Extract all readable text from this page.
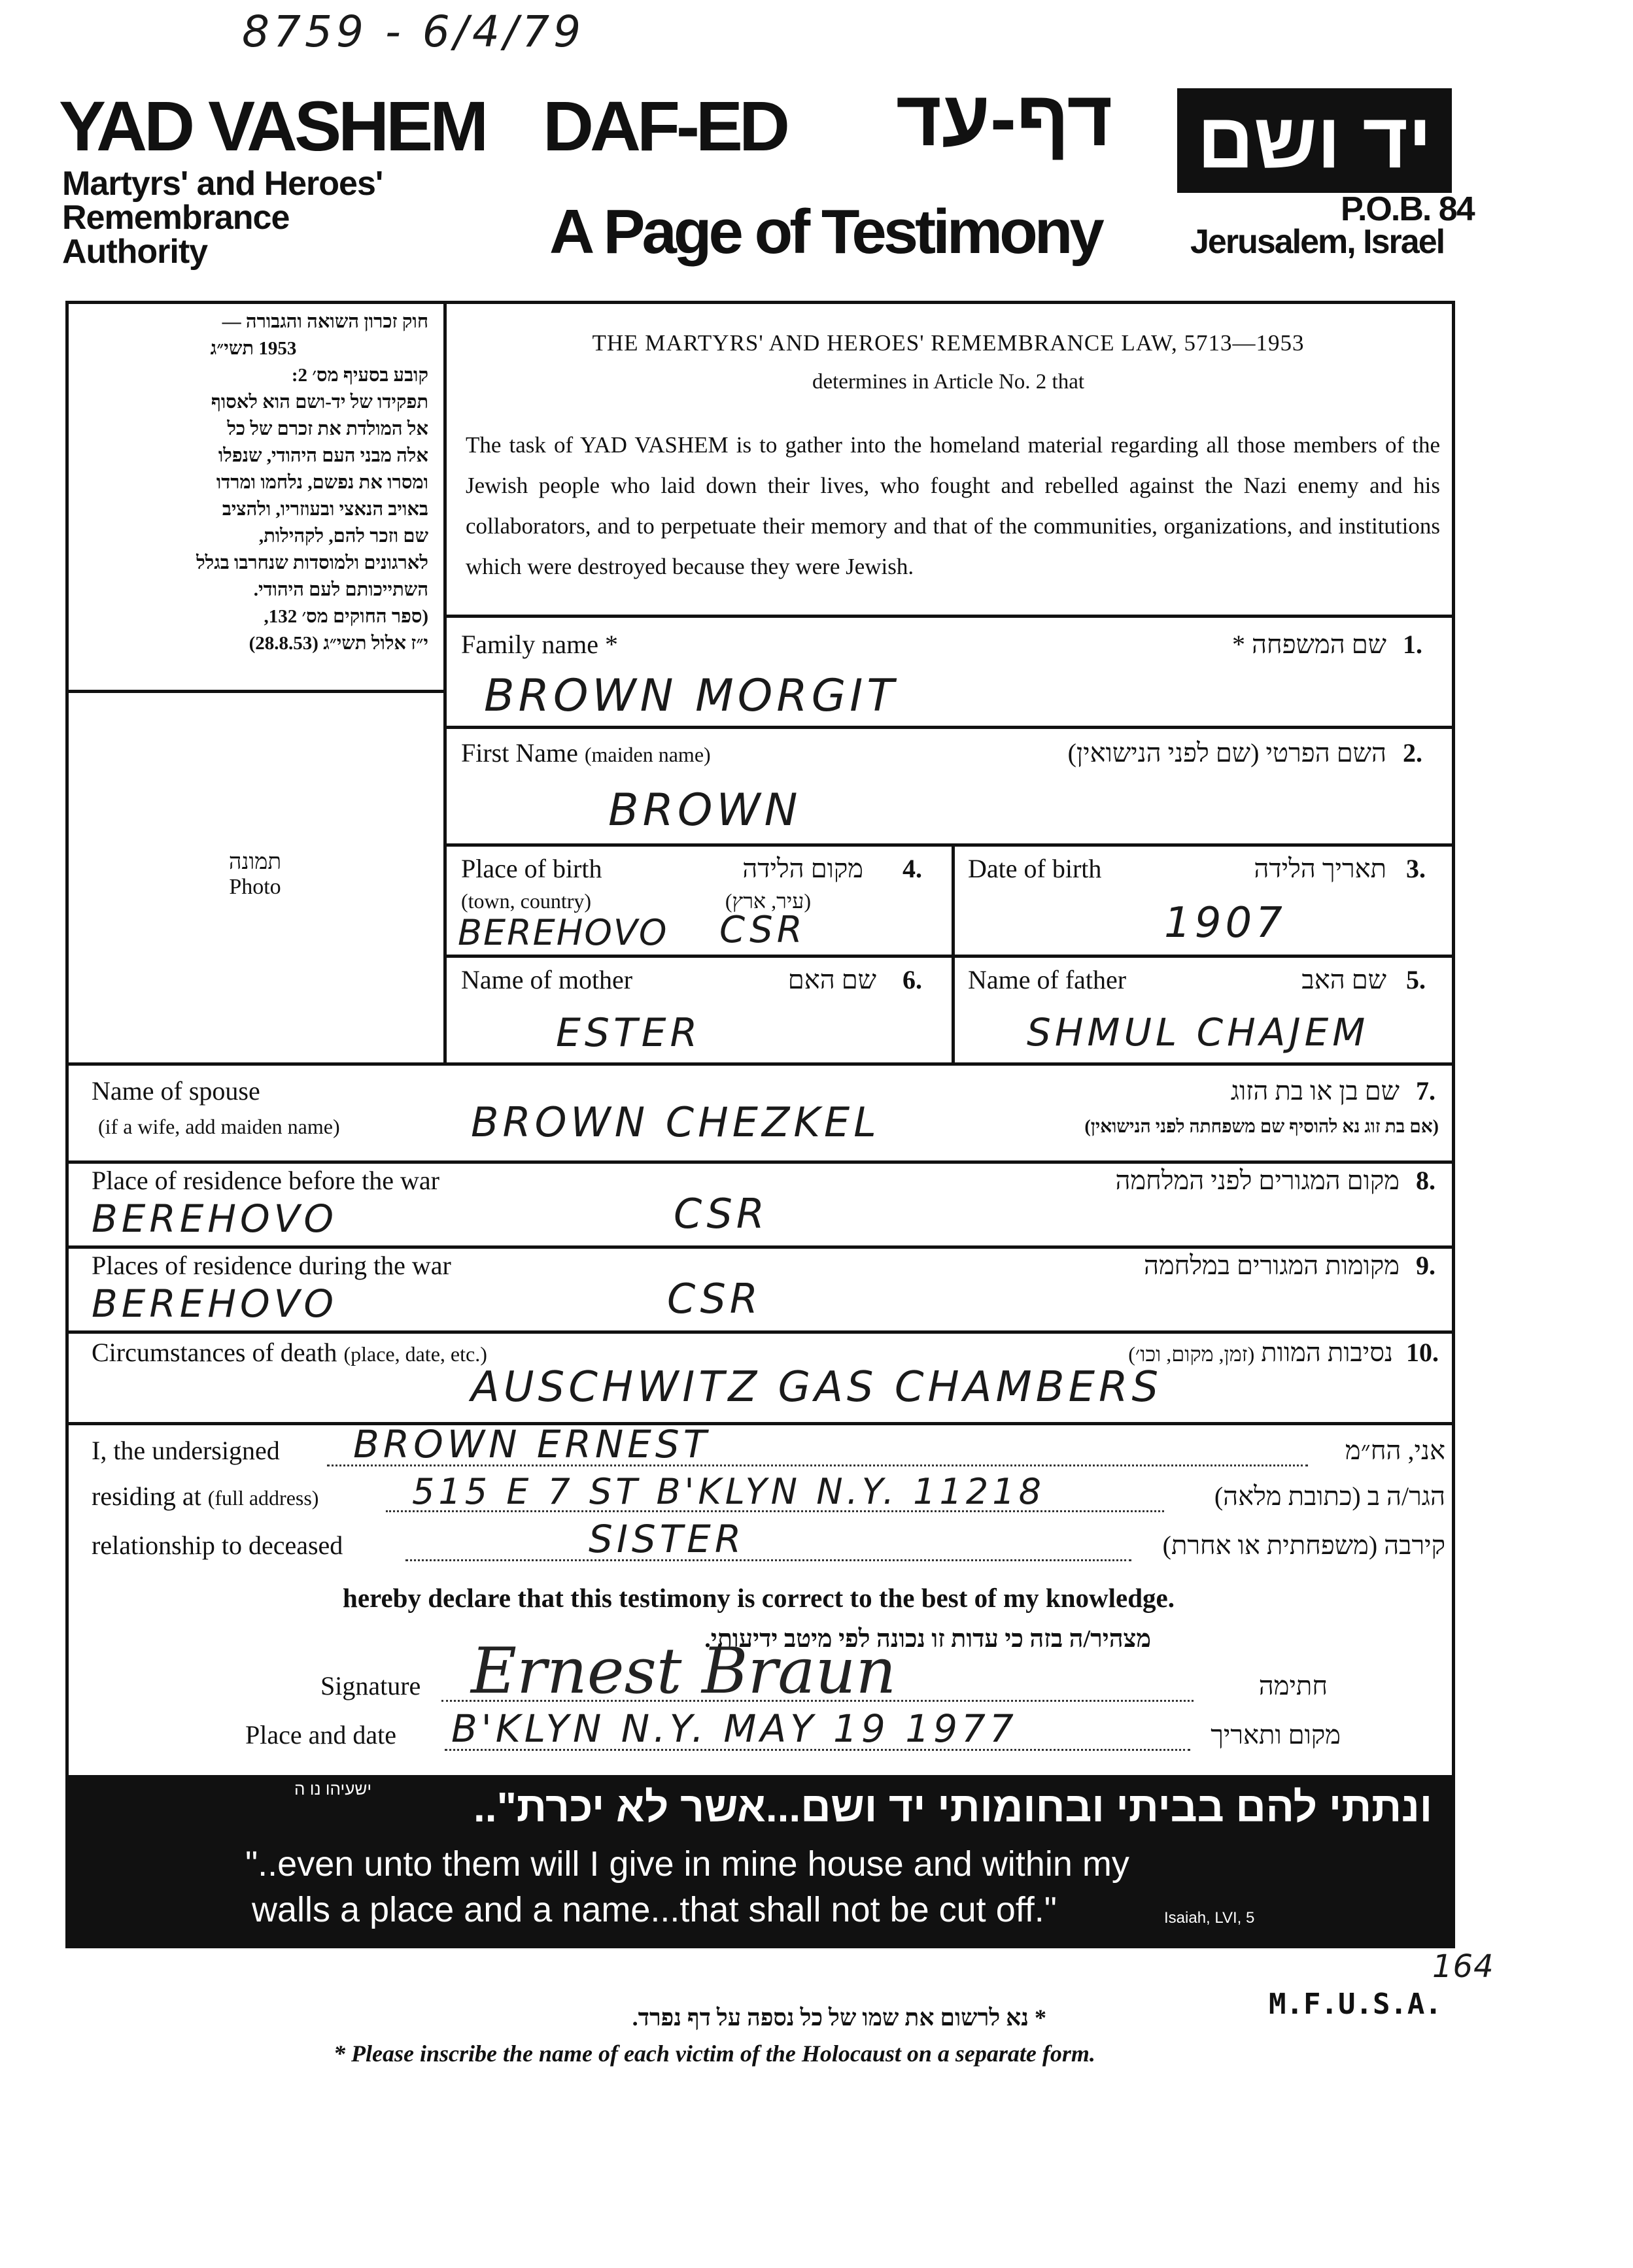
8759 - 6/4/79
YAD VASHEM DAF-ED דף-עד יד ושם
Martyrs' and Heroes'
Remembrance
Authority	A Page of Testimony	P.O.B. 84
Jerusalem, Israel
חוק זכרון השואה והגבורה —
1953 תשי״ג
קובע בסעיף מס׳ 2:
תפקידו של יד-ושם הוא לאסוף
אל המולדת את זכרם של כל
אלה מבני העם היהודי, שנפלו
ומסרו את נפשם, נלחמו ומרדו
באויב הנאצי ובעוזריו, ולהציב
שם וזכר להם, לקהילות,
לארגונים ולמוסדות שנחרבו בגלל
השתייכותם לעם היהודי.
(ספר החוקים מס׳ 132,
י״ז אלול תשי״ג (28.8.53)
THE MARTYRS' AND HEROES' REMEMBRANCE LAW, 5713—1953
determines in Article No. 2 that
The task of YAD VASHEM is to gather into the homeland material regarding all those members of the Jewish people who laid down their lives, who fought and rebelled against the Nazi enemy and his collaborators, and to perpetuate their memory and that of the communities, organizations, and institutions which were destroyed because they were Jewish.
תמונה
Photo
Family name *	שם המשפחה * 1.
BROWN MORGIT
First Name (maiden name)	השם הפרטי (שם לפני הנישואין) 2.
BROWN
Place of birth	מקום הלידה 4.
(town, country)	(עיר, ארץ)
BEREHOVO CSR
Date of birth	תאריך הלידה 3.
1907
Name of mother	שם האם 6.
ESTER
Name of father	שם האב 5.
SHMUL CHAJEM
Name of spouse
(if a wife, add maiden name)
שם בן או בת הזוג
(אם בת זוג נא להוסיף שם משפחתה לפני הנישואין)
7.
BROWN CHEZKEL
Place of residence before the war	מקום המגורים לפני המלחמה 8.
BEREHOVO	CSR
Places of residence during the war	מקומות המגורים במלחמה 9.
BEREHOVO	CSR
Circumstances of death (place, date, etc.)	נסיבות המוות (זמן, מקום, וכו׳)	10.
AUSCHWITZ GAS CHAMBERS
I, the undersigned BROWN ERNEST	אני, הח״מ
residing at (full address)	515 E 7 ST B'KLYN N.Y. 11218	הגר/ה ב (כתובת מלאה)
relationship to deceased	SISTER	קירבה (משפחתית או אחרת)
hereby declare that this testimony is correct to the best of my knowledge.
מצהיר/ה בזה כי עדות זו נכונה לפי מיטב ידיעותי.
Signature Ernest Braun	חתימה
Place and date B'KLYN N.Y. MAY 19 1977	מקום ותאריך
ישעיהו נו ה	ונתתי להם בביתי ובחומותי יד ושם...אשר לא יכרת"..
"..even unto them will I give in mine house and within my
walls a place and a name...that shall not be cut off."	Isaiah, LVI, 5
164
M.F.U.S.A.
* נא לרשום את שמו של כל נספה על דף נפרד.
* Please inscribe the name of each victim of the Holocaust on a separate form.
